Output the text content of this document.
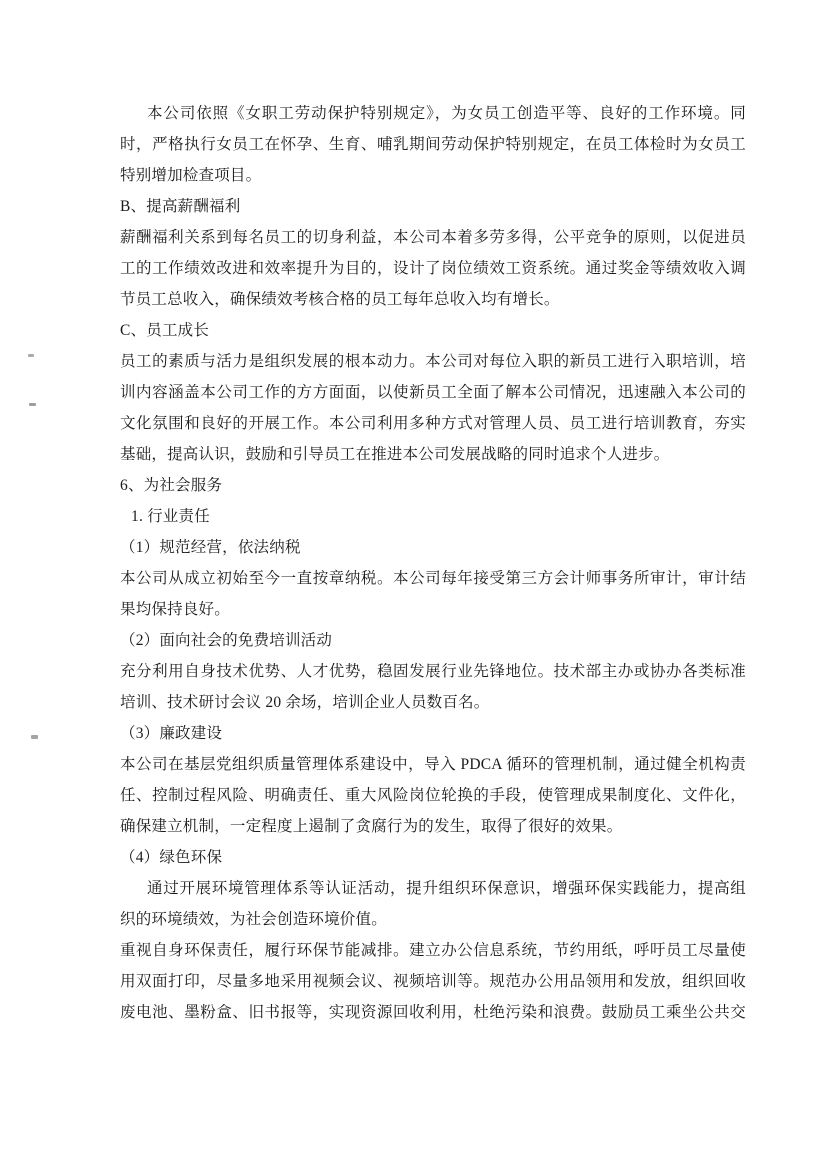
本公司依照《女职工劳动保护特别规定》，为女员工创造平等、良好的工作环境。同
时，严格执行女员工在怀孕、生育、哺乳期间劳动保护特别规定，在员工体检时为女员工
特别增加检查项目。
B、提高薪酬福利
薪酬福利关系到每名员工的切身利益，本公司本着多劳多得，公平竞争的原则，以促进员
工的工作绩效改进和效率提升为目的，设计了岗位绩效工资系统。通过奖金等绩效收入调
节员工总收入，确保绩效考核合格的员工每年总收入均有增长。
C、员工成长
员工的素质与活力是组织发展的根本动力。本公司对每位入职的新员工进行入职培训，培
训内容涵盖本公司工作的方方面面，以使新员工全面了解本公司情况，迅速融入本公司的
文化氛围和良好的开展工作。本公司利用多种方式对管理人员、员工进行培训教育，夯实
基础，提高认识，鼓励和引导员工在推进本公司发展战略的同时追求个人进步。
6、为社会服务
1. 行业责任
（1）规范经营，依法纳税
本公司从成立初始至今一直按章纳税。本公司每年接受第三方会计师事务所审计，审计结
果均保持良好。
（2）面向社会的免费培训活动
充分利用自身技术优势、人才优势，稳固发展行业先锋地位。技术部主办或协办各类标准
培训、技术研讨会议 20 余场，培训企业人员数百名。
（3）廉政建设
本公司在基层党组织质量管理体系建设中，导入 PDCA 循环的管理机制，通过健全机构责
任、控制过程风险、明确责任、重大风险岗位轮换的手段，使管理成果制度化、文件化，
确保建立机制，一定程度上遏制了贪腐行为的发生，取得了很好的效果。
（4）绿色环保
通过开展环境管理体系等认证活动，提升组织环保意识，增强环保实践能力，提高组
织的环境绩效，为社会创造环境价值。
重视自身环保责任，履行环保节能减排。建立办公信息系统，节约用纸，呼吁员工尽量使
用双面打印，尽量多地采用视频会议、视频培训等。规范办公用品领用和发放，组织回收
废电池、墨粉盒、旧书报等，实现资源回收利用，杜绝污染和浪费。鼓励员工乘坐公共交
